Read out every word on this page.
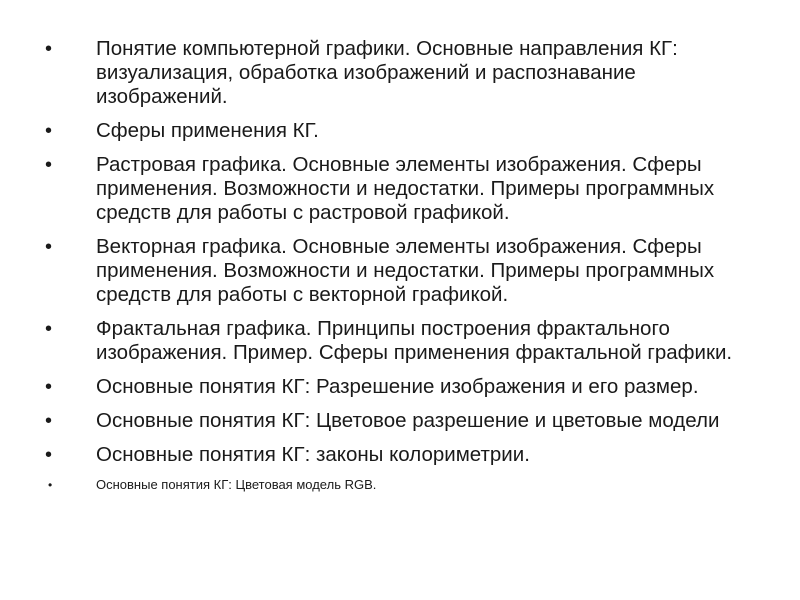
• Понятие компьютерной графики. Основные направления КГ: визуализация, обработка изображений и распознавание изображений.
• Сферы применения КГ.
• Растровая графика. Основные элементы изображения. Сферы применения. Возможности и недостатки. Примеры программных средств для работы с растровой графикой.
• Векторная графика. Основные элементы изображения. Сферы применения. Возможности и недостатки. Примеры программных средств для работы с векторной графикой.
• Фрактальная графика. Принципы построения фрактального изображения. Пример. Сферы применения фрактальной графики.
• Основные понятия КГ: Разрешение изображения и его размер.
• Основные понятия КГ: Цветовое разрешение и цветовые модели
• Основные понятия КГ: законы колориметрии.
•	Основные понятия КГ: Цветовая модель RGB.
